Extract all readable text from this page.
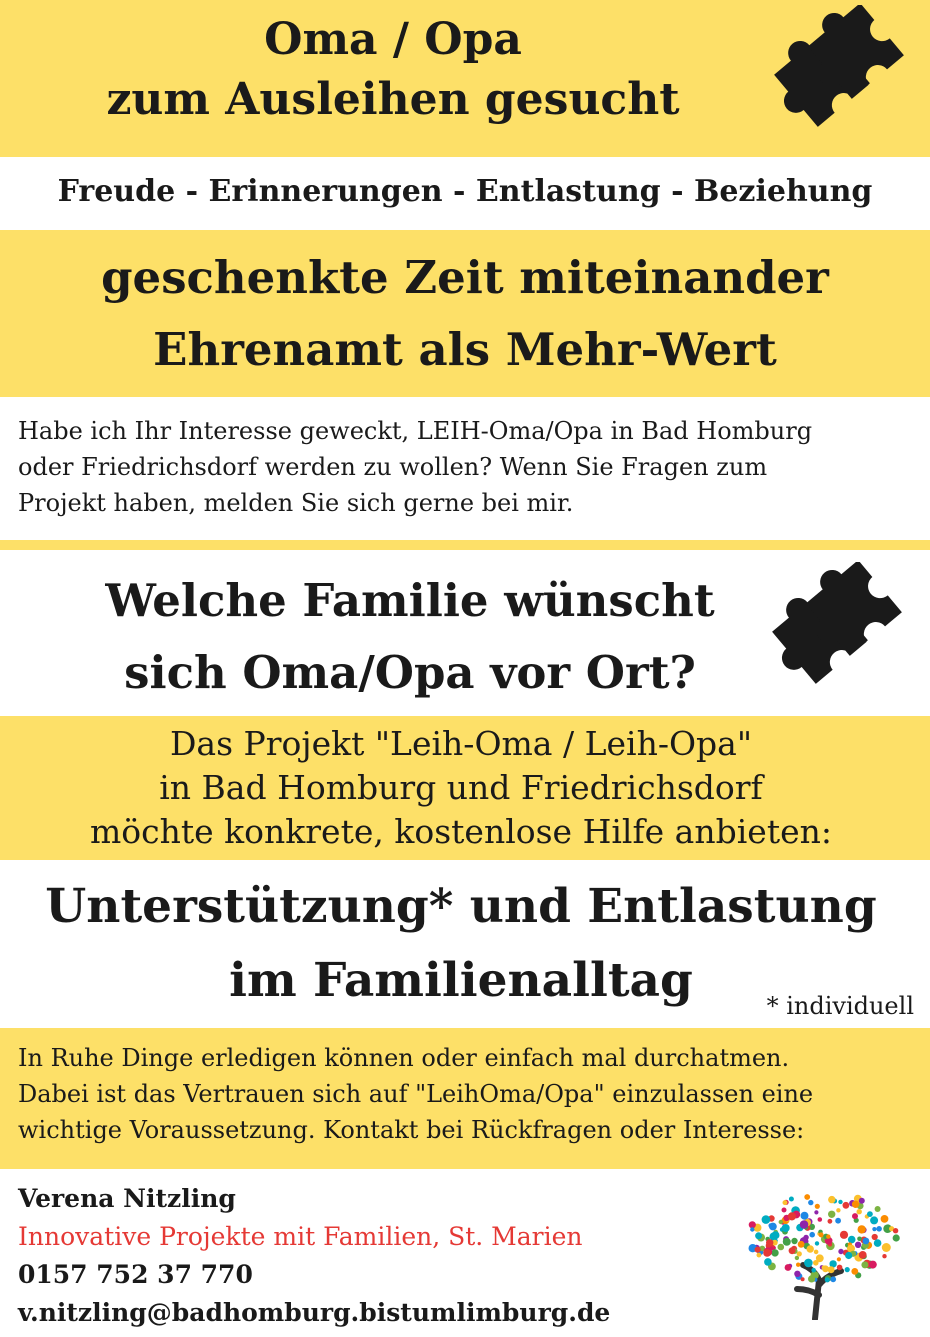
Oma / Opa
zum Ausleihen gesucht
Freude - Erinnerungen - Entlastung - Beziehung
geschenkte Zeit miteinander
Ehrenamt als Mehr-Wert
Habe ich Ihr Interesse geweckt, LEIH-Oma/Opa in Bad Homburg
oder Friedrichsdorf werden zu wollen? Wenn Sie Fragen zum
Projekt haben, melden Sie sich gerne bei mir.
Welche Familie wünscht
sich Oma/Opa vor Ort?
Das Projekt "Leih-Oma / Leih-Opa"
in Bad Homburg und Friedrichsdorf
möchte konkrete, kostenlose Hilfe anbieten:
Unterstützung* und Entlastung
im Familienalltag	* individuell
In Ruhe Dinge erledigen können oder einfach mal durchatmen.
Dabei ist das Vertrauen sich auf "LeihOma/Opa" einzulassen eine
wichtige Voraussetzung. Kontakt bei Rückfragen oder Interesse:
Verena Nitzling
Innovative Projekte mit Familien, St. Marien
0157 752 37 770
v.nitzling@badhomburg.bistumlimburg.de
